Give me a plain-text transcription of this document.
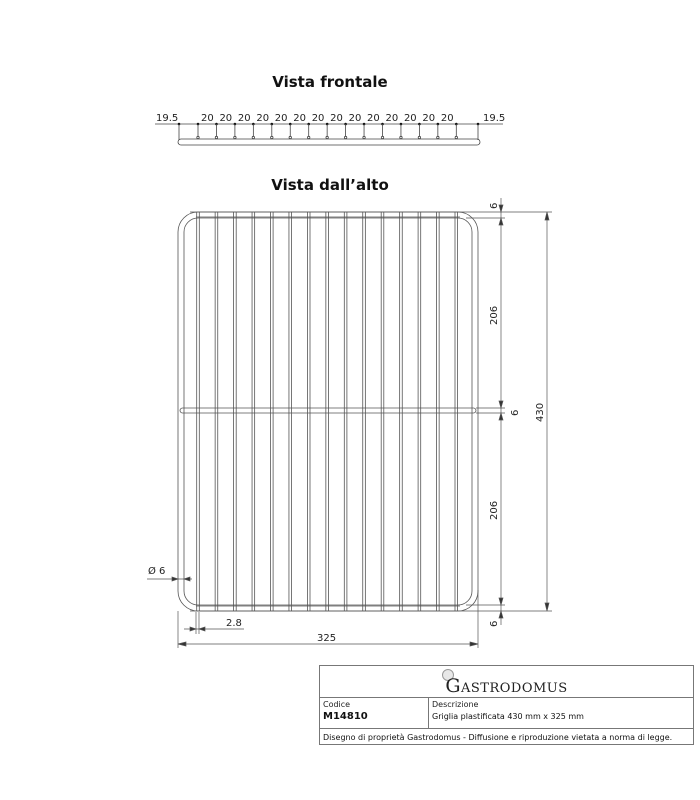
Vista frontale
Vista dall’alto
19.5 20 20 20 20 20 20 20 20 20 20 20 20 20 20	19.5
6
206
6 430
206
6
Ø 6
2.8
325
GASTRODOMUS
Codice
M14810
Descrizione
Griglia plastificata 430 mm x 325 mm
Disegno di proprietà Gastrodomus - Diffusione e riproduzione vietata a norma di legge.
